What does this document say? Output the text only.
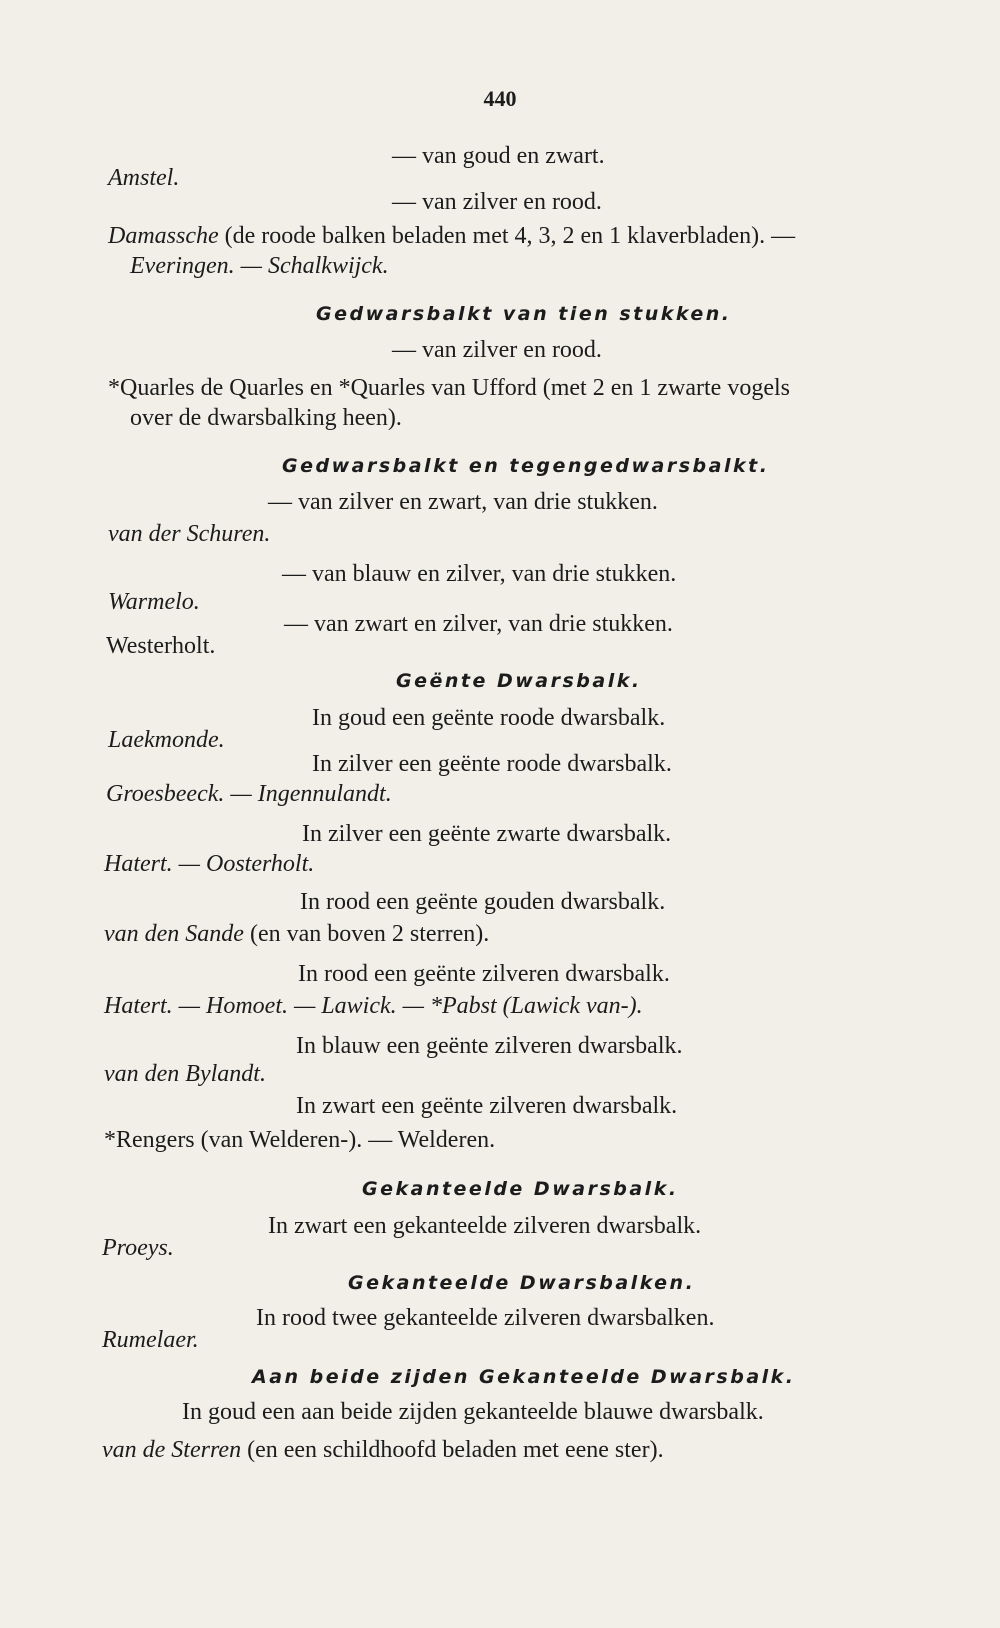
440
— van goud en zwart.
Amstel.
— van zilver en rood.
Damassche (de roode balken beladen met 4, 3, 2 en 1 klaverbladen). —
Everingen. — Schalkwijck.
Gedwarsbalkt van tien stukken.
— van zilver en rood.
*Quarles de Quarles en *Quarles van Ufford (met 2 en 1 zwarte vogels
over de dwarsbalking heen).
Gedwarsbalkt en tegengedwarsbalkt.
— van zilver en zwart, van drie stukken.
van der Schuren.
— van blauw en zilver, van drie stukken.
Warmelo.
— van zwart en zilver, van drie stukken.
Westerholt.
Geënte Dwarsbalk.
In goud een geënte roode dwarsbalk.
Laekmonde.
In zilver een geënte roode dwarsbalk.
Groesbeeck. — Ingennulandt.
In zilver een geënte zwarte dwarsbalk.
Hatert. — Oosterholt.
In rood een geënte gouden dwarsbalk.
van den Sande (en van boven 2 sterren).
In rood een geënte zilveren dwarsbalk.
Hatert. — Homoet. — Lawick. — *Pabst (Lawick van-).
In blauw een geënte zilveren dwarsbalk.
van den Bylandt.
In zwart een geënte zilveren dwarsbalk.
*Rengers (van Welderen-). — Welderen.
Gekanteelde Dwarsbalk.
In zwart een gekanteelde zilveren dwarsbalk.
Proeys.
Gekanteelde Dwarsbalken.
In rood twee gekanteelde zilveren dwarsbalken.
Rumelaer.
Aan beide zijden Gekanteelde Dwarsbalk.
In goud een aan beide zijden gekanteelde blauwe dwarsbalk.
van de Sterren (en een schildhoofd beladen met eene ster).
